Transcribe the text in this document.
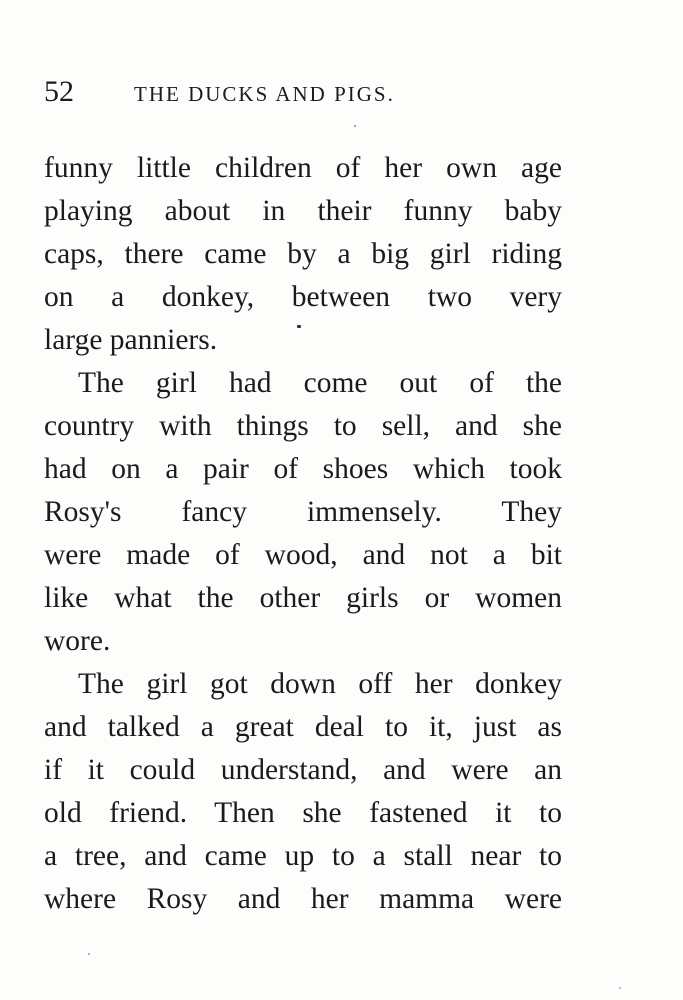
52	THE DUCKS AND PIGS.
funny little children of her own age
playing about in their funny baby
caps, there came by a big girl riding
on a donkey, between two very
large panniers.
The girl had come out of the
country with things to sell, and she
had on a pair of shoes which took
Rosy's fancy immensely. They
were made of wood, and not a bit
like what the other girls or women
wore.
The girl got down off her donkey
and talked a great deal to it, just as
if it could understand, and were an
old friend. Then she fastened it to
a tree, and came up to a stall near to
where Rosy and her mamma were
